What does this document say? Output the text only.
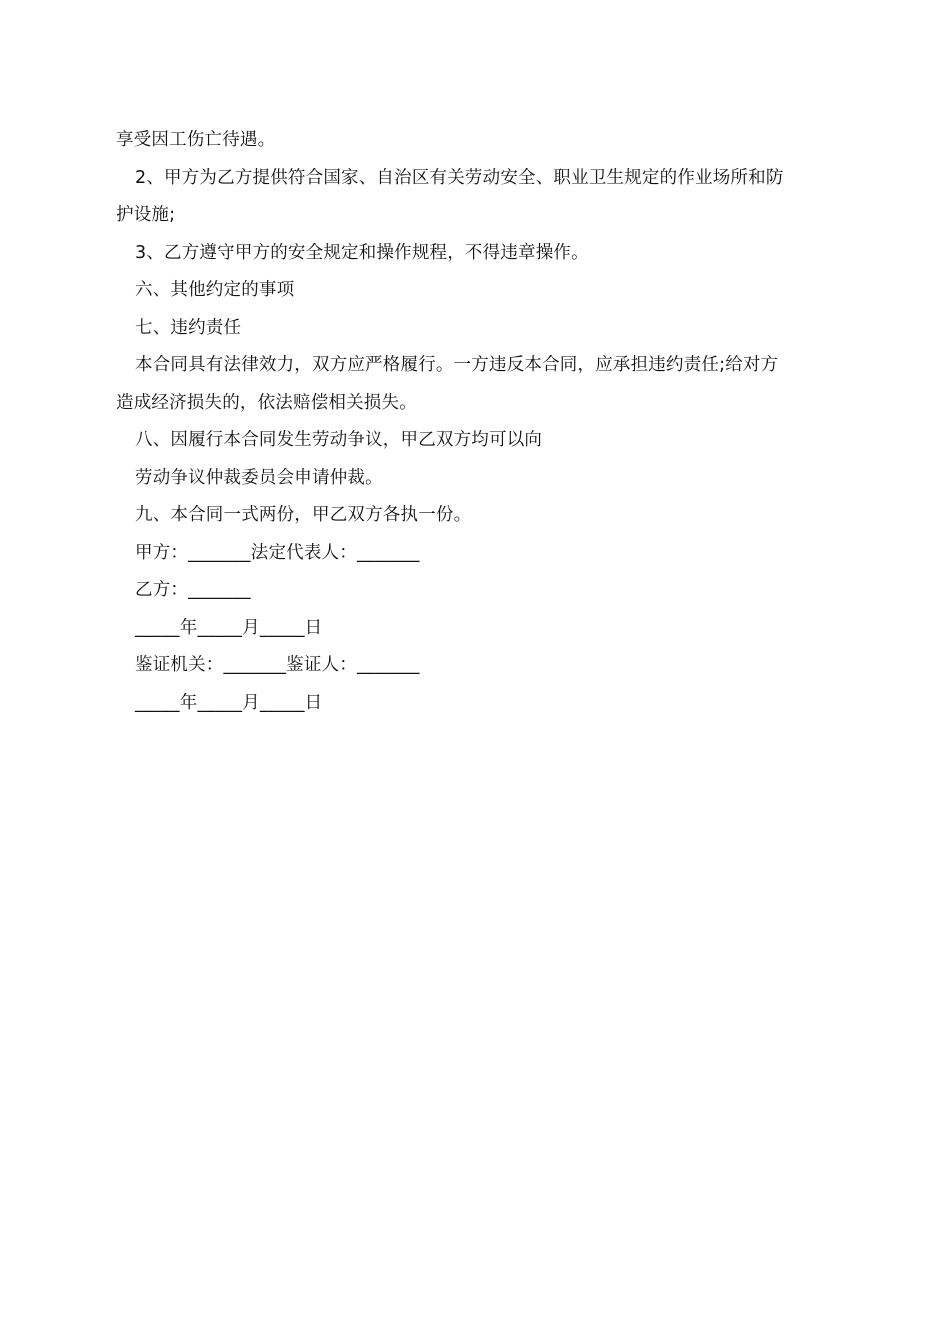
享受因工伤亡待遇。
2、甲方为乙方提供符合国家、自治区有关劳动安全、职业卫生规定的作业场所和防
护设施;
3、乙方遵守甲方的安全规定和操作规程，不得违章操作。
六、其他约定的事项
七、违约责任
本合同具有法律效力，双方应严格履行。一方违反本合同，应承担违约责任;给对方
造成经济损失的，依法赔偿相关损失。
八、因履行本合同发生劳动争议，甲乙双方均可以向
劳动争议仲裁委员会申请仲裁。
九、本合同一式两份，甲乙双方各执一份。
甲方：_______法定代表人：_______
乙方：_______
_____年_____月_____日
鉴证机关：_______鉴证人：_______
_____年_____月_____日
